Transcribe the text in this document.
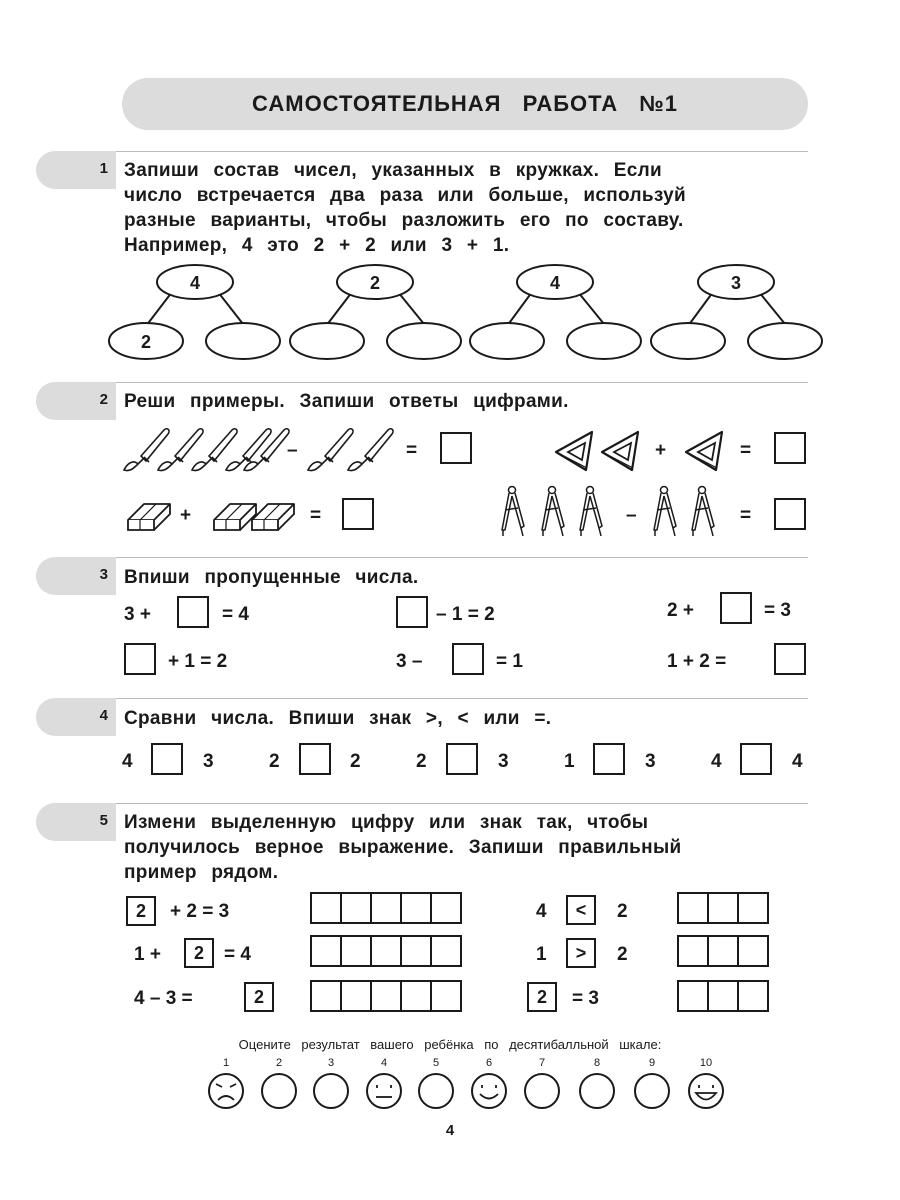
САМОСТОЯТЕЛЬНАЯ РАБОТА №1
1 Запиши состав чисел, указанных в кружках. Если
число встречается два раза или больше, используй
разные варианты, чтобы разложить его по составу.
Например, 4 это 2 + 2 или 3 + 1.
4
2
2	4	3
2 Реши примеры. Запиши ответы цифрами.
–	=	+	=
+	=	–	=
3 Впиши пропущенные числа.
3 +	= 4	– 1 = 2	2 +	= 3
+ 1 = 2	3 –	= 1	1 + 2 =
4 Сравни числа. Впиши знак >, < или =.
4	3	2	2	2	3	1	3	4	4
5 Измени выделенную цифру или знак так, чтобы
получилось верное выражение. Запиши правильный
пример рядом.
2	+ 2 = 3
1 +	2	= 4
4 – 3 =	2
4	<	2
1	>	2
2	= 3
Оцените результат вашего ребёнка по десятибалльной шкале:
1	2	3	4	5	6	7	8	9	10
4
